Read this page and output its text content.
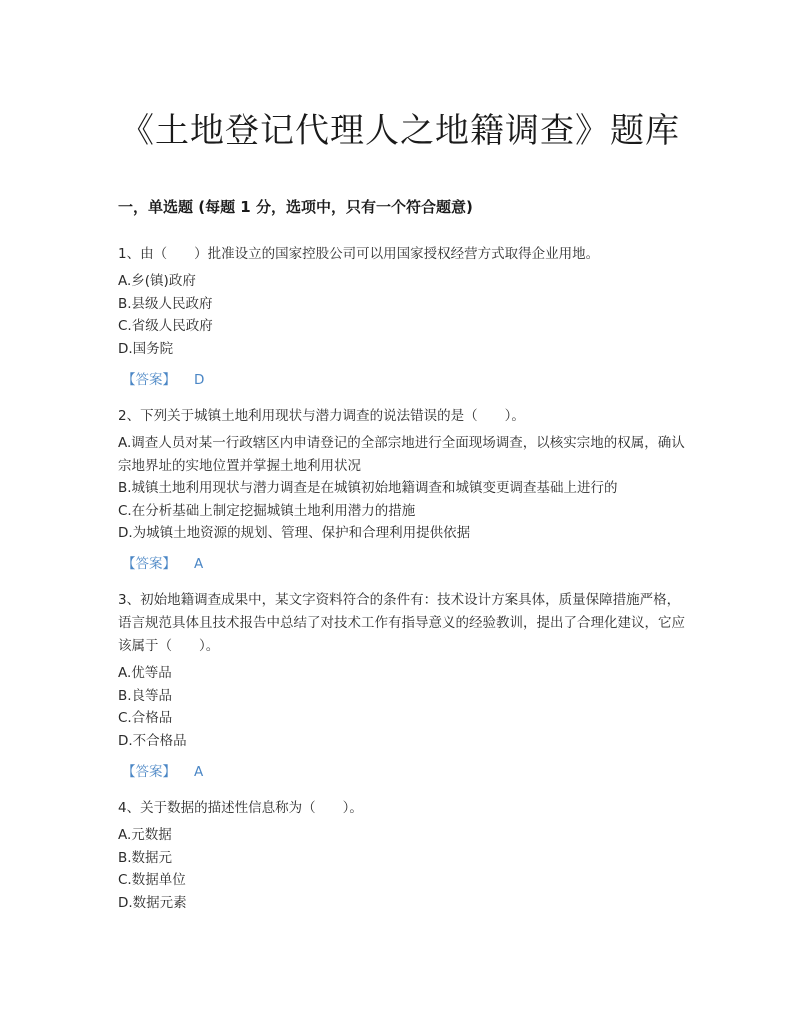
《土地登记代理人之地籍调查》题库
一，单选题 (每题 1 分，选项中，只有一个符合题意)

1、由（　　）批准设立的国家控股公司可以用国家授权经营方式取得企业用地。

A.乡(镇)政府

B.县级人民政府

C.省级人民政府

D.国务院

【答案】 D

2、下列关于城镇土地利用现状与潜力调查的说法错误的是（　　）。

A.调查人员对某一行政辖区内申请登记的全部宗地进行全面现场调查，以核实宗地的权属，确认宗地界址的实地位置并掌握土地利用状况

B.城镇土地利用现状与潜力调查是在城镇初始地籍调查和城镇变更调查基础上进行的

C.在分析基础上制定挖掘城镇土地利用潜力的措施

D.为城镇土地资源的规划、管理、保护和合理利用提供依据

【答案】 A

3、初始地籍调查成果中，某文字资料符合的条件有：技术设计方案具体，质量保障措施严格，语言规范具体且技术报告中总结了对技术工作有指导意义的经验教训，提出了合理化建议，它应该属于（　　）。

A.优等品

B.良等品

C.合格品

D.不合格品

【答案】 A

4、关于数据的描述性信息称为（　　）。

A.元数据

B.数据元

C.数据单位

D.数据元素
